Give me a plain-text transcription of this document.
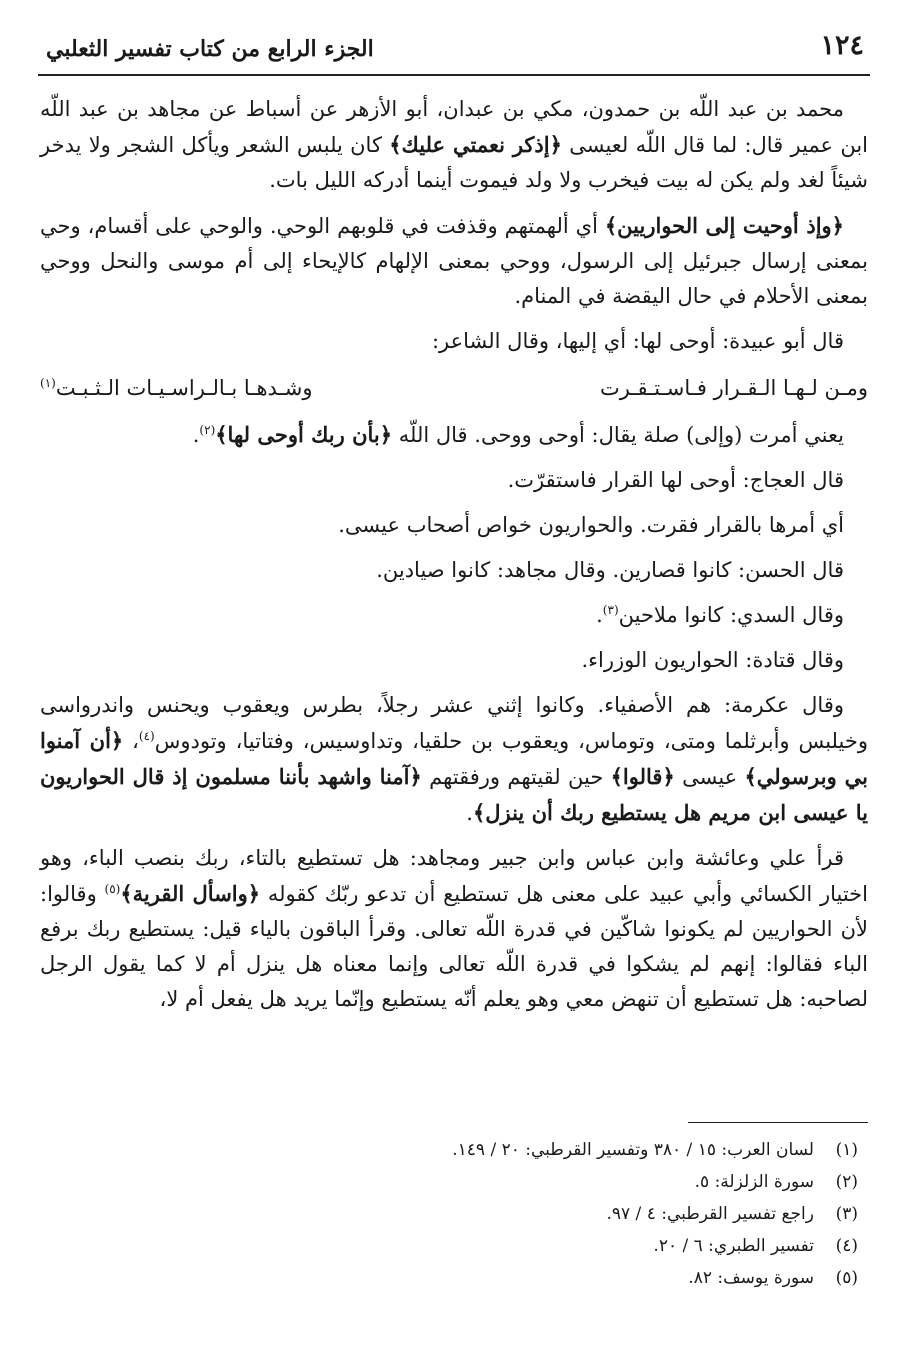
١٢٤
الجزء الرابع من كتاب تفسير الثعلبي

محمد بن عبد اللّه بن حمدون، مكي بن عبدان، أبو الأزهر عن أسباط عن مجاهد بن عبد اللّه ابن عمير قال: لما قال اللّه لعيسى ﴿إذكر نعمتي عليك﴾ كان يلبس الشعر ويأكل الشجر ولا يدخر شيئاً لغد ولم يكن له بيت فيخرب ولا ولد فيموت أينما أدركه الليل بات.

﴿وإذ أوحيت إلى الحواريين﴾ أي ألهمتهم وقذفت في قلوبهم الوحي. والوحي على أقسام، وحي بمعنى إرسال جبرئيل إلى الرسول، ووحي بمعنى الإلهام كالإيحاء إلى أم موسى والنحل ووحي بمعنى الأحلام في حال اليقضة في المنام.

قال أبو عبيدة: أوحى لها: أي إليها، وقال الشاعر:

ومـن لـهـا الـقـرار فـاسـتـقـرت
وشـدهـا بـالـراسـيـات الـثـبـت$^{(١)}$

يعني أمرت (وإلى) صلة يقال: أوحى ووحى. قال اللّه ﴿بأن ربك أوحى لها﴾$^{(٢)}$.

قال العجاج: أوحى لها القرار فاستقرّت.

أي أمرها بالقرار فقرت. والحواريون خواص أصحاب عيسى.

قال الحسن: كانوا قصارين. وقال مجاهد: كانوا صيادين.

وقال السدي: كانوا ملاحين$^{(٣)}$.

وقال قتادة: الحواريون الوزراء.

وقال عكرمة: هم الأصفياء. وكانوا إثني عشر رجلاً، بطرس ويعقوب ويحنس واندرواسى وخيلبس وأبرثلما ومتى، وتوماس، ويعقوب بن حلقيا، وتداوسيس، وفتاتيا، وتودوس$^{(٤)}$، ﴿أن آمنوا بي وبرسولي﴾ عيسى ﴿قالوا﴾ حين لقيتهم ورفقتهم ﴿آمنا واشهد بأننا مسلمون إذ قال الحواريون يا عيسى ابن مريم هل يستطيع ربك أن ينزل﴾.

قرأ علي وعائشة وابن عباس وابن جبير ومجاهد: هل تستطيع بالتاء، ربك بنصب الباء، وهو اختيار الكسائي وأبي عبيد على معنى هل تستطيع أن تدعو ربّك كقوله ﴿واسأل القرية﴾$^{(٥)}$ وقالوا: لأن الحواريين لم يكونوا شاكّين في قدرة اللّه تعالى. وقرأ الباقون بالياء قيل: يستطيع ربك برفع الباء فقالوا: إنهم لم يشكوا في قدرة اللّه تعالى وإنما معناه هل ينزل أم لا كما يقول الرجل لصاحبه: هل تستطيع أن تنهض معي وهو يعلم أنّه يستطيع وإنّما يريد هل يفعل أم لا،

(١)لسان العرب: ١٥ / ٣٨٠ وتفسير القرطبي: ٢٠ / ١٤٩.
(٢)سورة الزلزلة: ٥.
(٣)راجع تفسير القرطبي: ٤ / ٩٧.
(٤)تفسير الطبري: ٦ / ٢٠.
(٥)سورة يوسف: ٨٢.
